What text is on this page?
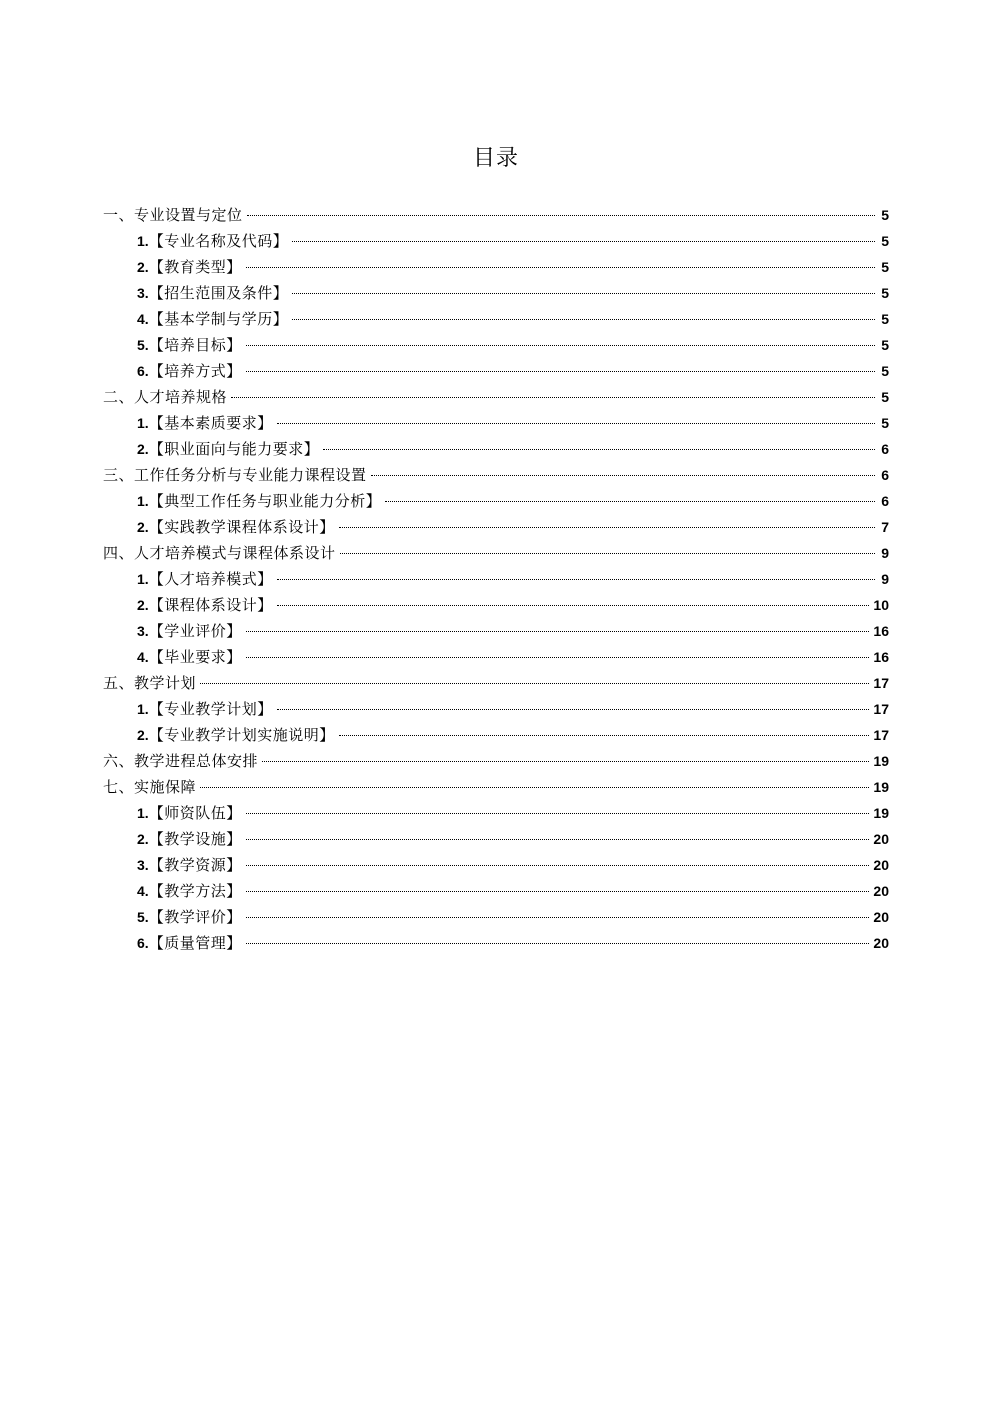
目录
一、专业设置与定位	5
1. 【专业名称及代码】	5
2. 【教育类型】	5
3. 【招生范围及条件】	5
4. 【基本学制与学历】	5
5. 【培养目标】	5
6. 【培养方式】	5
二、人才培养规格	5
1. 【基本素质要求】	5
2. 【职业面向与能力要求】	6
三、工作任务分析与专业能力课程设置	6
1. 【典型工作任务与职业能力分析】	6
2. 【实践教学课程体系设计】	7
四、人才培养模式与课程体系设计	9
1. 【人才培养模式】	9
2. 【课程体系设计】	10
3. 【学业评价】	16
4. 【毕业要求】	16
五、教学计划	17
1. 【专业教学计划】	17
2. 【专业教学计划实施说明】	17
六、教学进程总体安排	19
七、实施保障	19
1. 【师资队伍】	19
2. 【教学设施】	20
3. 【教学资源】	20
4. 【教学方法】	20
5. 【教学评价】	20
6. 【质量管理】	20
